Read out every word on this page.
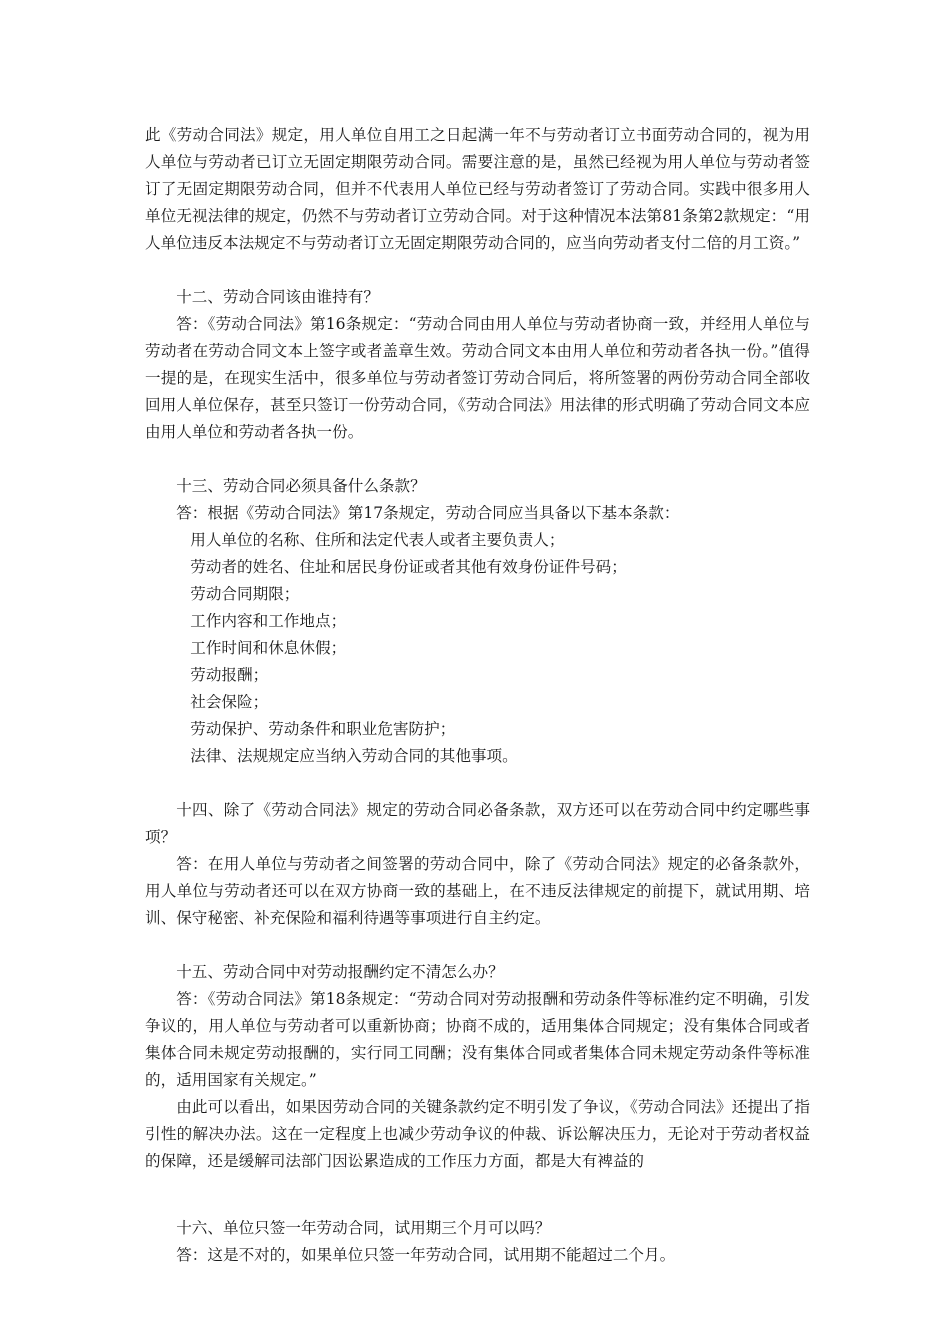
此《劳动合同法》规定，用人单位自用工之日起满一年不与劳动者订立书面劳动合同的，视为用人单位与劳动者已订立无固定期限劳动合同。需要注意的是，虽然已经视为用人单位与劳动者签订了无固定期限劳动合同，但并不代表用人单位已经与劳动者签订了劳动合同。实践中很多用人单位无视法律的规定，仍然不与劳动者订立劳动合同。对于这种情况本法第81条第2款规定：“用人单位违反本法规定不与劳动者订立无固定期限劳动合同的，应当向劳动者支付二倍的月工资。”

十二、劳动合同该由谁持有？

答：《劳动合同法》第16条规定：“劳动合同由用人单位与劳动者协商一致，并经用人单位与劳动者在劳动合同文本上签字或者盖章生效。劳动合同文本由用人单位和劳动者各执一份。”值得一提的是，在现实生活中，很多单位与劳动者签订劳动合同后，将所签署的两份劳动合同全部收回用人单位保存，甚至只签订一份劳动合同，《劳动合同法》用法律的形式明确了劳动合同文本应由用人单位和劳动者各执一份。

十三、劳动合同必须具备什么条款？

答：根据《劳动合同法》第17条规定，劳动合同应当具备以下基本条款：

用人单位的名称、住所和法定代表人或者主要负责人；

劳动者的姓名、住址和居民身份证或者其他有效身份证件号码；

劳动合同期限；

工作内容和工作地点；

工作时间和休息休假；

劳动报酬；

社会保险；

劳动保护、劳动条件和职业危害防护；

法律、法规规定应当纳入劳动合同的其他事项。

十四、除了《劳动合同法》规定的劳动合同必备条款，双方还可以在劳动合同中约定哪些事项？

答：在用人单位与劳动者之间签署的劳动合同中，除了《劳动合同法》规定的必备条款外，用人单位与劳动者还可以在双方协商一致的基础上，在不违反法律规定的前提下，就试用期、培训、保守秘密、补充保险和福利待遇等事项进行自主约定。

十五、劳动合同中对劳动报酬约定不清怎么办？

答：《劳动合同法》第18条规定：“劳动合同对劳动报酬和劳动条件等标准约定不明确，引发争议的，用人单位与劳动者可以重新协商；协商不成的，适用集体合同规定；没有集体合同或者集体合同未规定劳动报酬的，实行同工同酬；没有集体合同或者集体合同未规定劳动条件等标准的，适用国家有关规定。”

由此可以看出，如果因劳动合同的关键条款约定不明引发了争议，《劳动合同法》还提出了指引性的解决办法。这在一定程度上也减少劳动争议的仲裁、诉讼解决压力，无论对于劳动者权益的保障，还是缓解司法部门因讼累造成的工作压力方面，都是大有裨益的

十六、单位只签一年劳动合同，试用期三个月可以吗？

答：这是不对的，如果单位只签一年劳动合同，试用期不能超过二个月。
